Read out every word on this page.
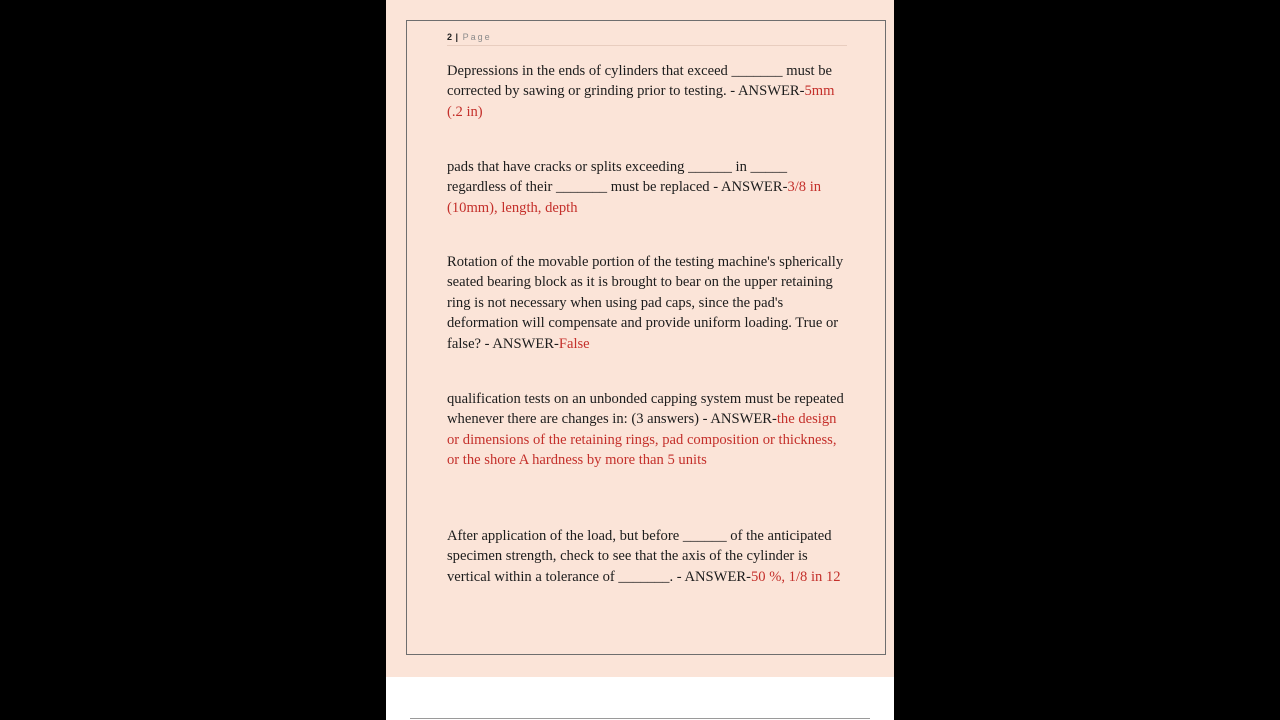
2 | Page

Depressions in the ends of cylinders that exceed _______ must be corrected by sawing or grinding prior to testing. - ANSWER-5mm (.2 in)

pads that have cracks or splits exceeding ______ in _____ regardless of their _______ must be replaced - ANSWER-3/8 in (10mm), length, depth

Rotation of the movable portion of the testing machine's spherically seated bearing block as it is brought to bear on the upper retaining ring is not necessary when using pad caps, since the pad's deformation will compensate and provide uniform loading. True or false? - ANSWER-False

qualification tests on an unbonded capping system must be repeated whenever there are changes in: (3 answers) - ANSWER-the design or dimensions of the retaining rings, pad composition or thickness, or the shore A hardness by more than 5 units

After application of the load, but before ______ of the anticipated specimen strength, check to see that the axis of the cylinder is vertical within a tolerance of _______. - ANSWER-50 %, 1/8 in 12
